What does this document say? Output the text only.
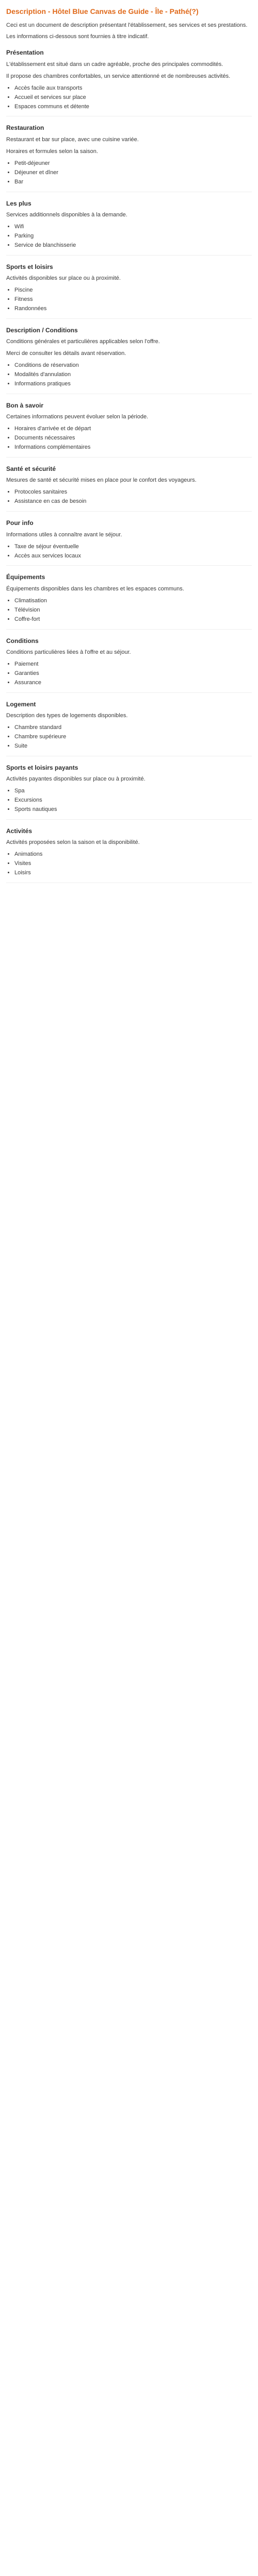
Description - Hôtel Blue Canvas de Guide - Île - Pathé(?)

Ceci est un document de description présentant l'établissement, ses services et ses prestations.

Les informations ci-dessous sont fournies à titre indicatif.

Présentation

L'établissement est situé dans un cadre agréable, proche des principales commodités.

Il propose des chambres confortables, un service attentionné et de nombreuses activités.

• Accès facile aux transports
• Accueil et services sur place
• Espaces communs et détente
Restauration

Restaurant et bar sur place, avec une cuisine variée.

Horaires et formules selon la saison.

• Petit-déjeuner
• Déjeuner et dîner
• Bar
Les plus

Services additionnels disponibles à la demande.

• Wifi
• Parking
• Service de blanchisserie
Sports et loisirs

Activités disponibles sur place ou à proximité.

• Piscine
• Fitness
• Randonnées
Description / Conditions

Conditions générales et particulières applicables selon l'offre.

Merci de consulter les détails avant réservation.

• Conditions de réservation
• Modalités d'annulation
• Informations pratiques
Bon à savoir

Certaines informations peuvent évoluer selon la période.

• Horaires d'arrivée et de départ
• Documents nécessaires
• Informations complémentaires
Santé et sécurité

Mesures de santé et sécurité mises en place pour le confort des voyageurs.

• Protocoles sanitaires
• Assistance en cas de besoin
Pour info

Informations utiles à connaître avant le séjour.

• Taxe de séjour éventuelle
• Accès aux services locaux
Équipements

Équipements disponibles dans les chambres et les espaces communs.

• Climatisation
• Télévision
• Coffre-fort
Conditions

Conditions particulières liées à l'offre et au séjour.

• Paiement
• Garanties
• Assurance
Logement

Description des types de logements disponibles.

• Chambre standard
• Chambre supérieure
• Suite
Sports et loisirs payants

Activités payantes disponibles sur place ou à proximité.

• Spa
• Excursions
• Sports nautiques
Activités

Activités proposées selon la saison et la disponibilité.

• Animations
• Visites
• Loisirs
